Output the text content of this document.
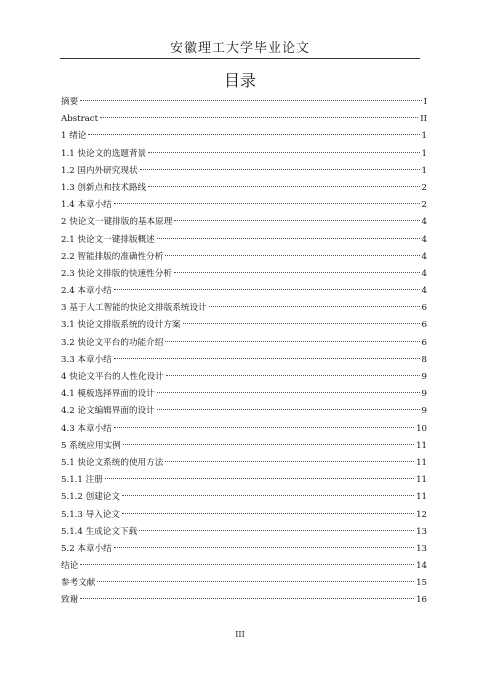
安徽理工大学毕业论文
目录
摘要	I
Abstract	II
1 绪论	1
1.1 快论文的选题背景	1
1.2 国内外研究现状	1
1.3 创新点和技术路线	2
1.4 本章小结	2
2 快论文一键排版的基本原理	4
2.1 快论文一键排版概述	4
2.2 智能排版的准确性分析	4
2.3 快论文排版的快速性分析	4
2.4 本章小结	4
3 基于人工智能的快论文排版系统设计	6
3.1 快论文排版系统的设计方案	6
3.2 快论文平台的功能介绍	6
3.3 本章小结	8
4 快论文平台的人性化设计	9
4.1 模板选择界面的设计	9
4.2 论文编辑界面的设计	9
4.3 本章小结	10
5 系统应用实例	11
5.1 快论文系统的使用方法	11
5.1.1 注册	11
5.1.2 创建论文	11
5.1.3 导入论文	12
5.1.4 生成论文下载	13
5.2 本章小结	13
结论	14
参考文献	15
致谢	16
III
